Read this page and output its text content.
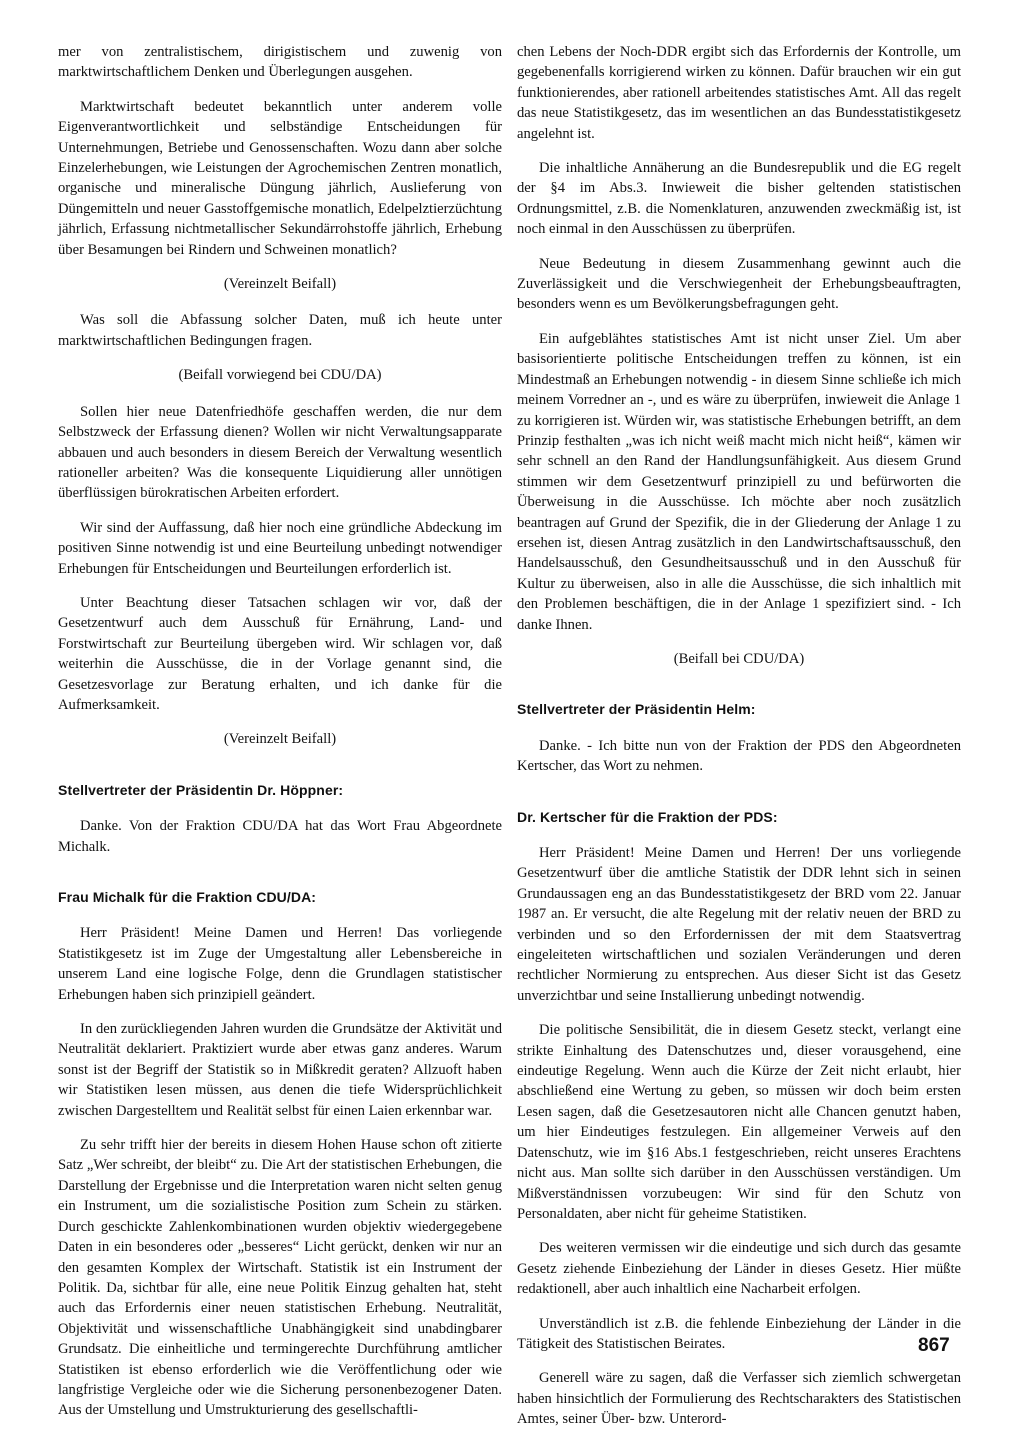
mer von zentralistischem, dirigistischem und zuwenig von marktwirtschaftlichem Denken und Überlegungen ausgehen.

Marktwirtschaft bedeutet bekanntlich unter anderem volle Eigenverantwortlichkeit und selbständige Entscheidungen für Unternehmungen, Betriebe und Genossenschaften. Wozu dann aber solche Einzelerhebungen, wie Leistungen der Agrochemischen Zentren monatlich, organische und mineralische Düngung jährlich, Auslieferung von Düngemitteln und neuer Gasstoffgemische monatlich, Edelpelztierzüchtung jährlich, Erfassung nichtmetallischer Sekundärrohstoffe jährlich, Erhebung über Besamungen bei Rindern und Schweinen monatlich?

(Vereinzelt Beifall)

Was soll die Abfassung solcher Daten, muß ich heute unter marktwirtschaftlichen Bedingungen fragen.

(Beifall vorwiegend bei CDU/DA)

Sollen hier neue Datenfriedhöfe geschaffen werden, die nur dem Selbstzweck der Erfassung dienen? Wollen wir nicht Verwaltungsapparate abbauen und auch besonders in diesem Bereich der Verwaltung wesentlich rationeller arbeiten? Was die konsequente Liquidierung aller unnötigen überflüssigen bürokratischen Arbeiten erfordert.

Wir sind der Auffassung, daß hier noch eine gründliche Abdeckung im positiven Sinne notwendig ist und eine Beurteilung unbedingt notwendiger Erhebungen für Entscheidungen und Beurteilungen erforderlich ist.

Unter Beachtung dieser Tatsachen schlagen wir vor, daß der Gesetzentwurf auch dem Ausschuß für Ernährung, Land- und Forstwirtschaft zur Beurteilung übergeben wird. Wir schlagen vor, daß weiterhin die Ausschüsse, die in der Vorlage genannt sind, die Gesetzesvorlage zur Beratung erhalten, und ich danke für die Aufmerksamkeit.

(Vereinzelt Beifall)

Stellvertreter der Präsidentin Dr. Höppner:

Danke. Von der Fraktion CDU/DA hat das Wort Frau Abgeordnete Michalk.

Frau Michalk für die Fraktion CDU/DA:

Herr Präsident! Meine Damen und Herren! Das vorliegende Statistikgesetz ist im Zuge der Umgestaltung aller Lebensbereiche in unserem Land eine logische Folge, denn die Grundlagen statistischer Erhebungen haben sich prinzipiell geändert.

In den zurückliegenden Jahren wurden die Grundsätze der Aktivität und Neutralität deklariert. Praktiziert wurde aber etwas ganz anderes. Warum sonst ist der Begriff der Statistik so in Mißkredit geraten? Allzuoft haben wir Statistiken lesen müssen, aus denen die tiefe Widersprüchlichkeit zwischen Dargestelltem und Realität selbst für einen Laien erkennbar war.

Zu sehr trifft hier der bereits in diesem Hohen Hause schon oft zitierte Satz „Wer schreibt, der bleibt“ zu. Die Art der statistischen Erhebungen, die Darstellung der Ergebnisse und die Interpretation waren nicht selten genug ein Instrument, um die sozialistische Position zum Schein zu stärken. Durch geschickte Zahlenkombinationen wurden objektiv wiedergegebene Daten in ein besonderes oder „besseres“ Licht gerückt, denken wir nur an den gesamten Komplex der Wirtschaft. Statistik ist ein Instrument der Politik. Da, sichtbar für alle, eine neue Politik Einzug gehalten hat, steht auch das Erfordernis einer neuen statistischen Erhebung. Neutralität, Objektivität und wissenschaftliche Unabhängigkeit sind unabdingbarer Grundsatz. Die einheitliche und termingerechte Durchführung amtlicher Statistiken ist ebenso erforderlich wie die Veröffentlichung oder wie langfristige Vergleiche oder wie die Sicherung personenbezogener Daten. Aus der Umstellung und Umstrukturierung des gesellschaftli-

chen Lebens der Noch-DDR ergibt sich das Erfordernis der Kontrolle, um gegebenenfalls korrigierend wirken zu können. Dafür brauchen wir ein gut funktionierendes, aber rationell arbeitendes statistisches Amt. All das regelt das neue Statistikgesetz, das im wesentlichen an das Bundesstatistikgesetz angelehnt ist.

Die inhaltliche Annäherung an die Bundesrepublik und die EG regelt der §4 im Abs.3. Inwieweit die bisher geltenden statistischen Ordnungsmittel, z.B. die Nomenklaturen, anzuwenden zweckmäßig ist, ist noch einmal in den Ausschüssen zu überprüfen.

Neue Bedeutung in diesem Zusammenhang gewinnt auch die Zuverlässigkeit und die Verschwiegenheit der Erhebungsbeauftragten, besonders wenn es um Bevölkerungsbefragungen geht.

Ein aufgeblähtes statistisches Amt ist nicht unser Ziel. Um aber basisorientierte politische Entscheidungen treffen zu können, ist ein Mindestmaß an Erhebungen notwendig - in diesem Sinne schließe ich mich meinem Vorredner an -, und es wäre zu überprüfen, inwieweit die Anlage 1 zu korrigieren ist. Würden wir, was statistische Erhebungen betrifft, an dem Prinzip festhalten „was ich nicht weiß macht mich nicht heiß“, kämen wir sehr schnell an den Rand der Handlungsunfähigkeit. Aus diesem Grund stimmen wir dem Gesetzentwurf prinzipiell zu und befürworten die Überweisung in die Ausschüsse. Ich möchte aber noch zusätzlich beantragen auf Grund der Spezifik, die in der Gliederung der Anlage 1 zu ersehen ist, diesen Antrag zusätzlich in den Landwirtschaftsausschuß, den Handelsausschuß, den Gesundheitsausschuß und in den Ausschuß für Kultur zu überweisen, also in alle die Ausschüsse, die sich inhaltlich mit den Problemen beschäftigen, die in der Anlage 1 spezifiziert sind. - Ich danke Ihnen.

(Beifall bei CDU/DA)

Stellvertreter der Präsidentin Helm:

Danke. - Ich bitte nun von der Fraktion der PDS den Abgeordneten Kertscher, das Wort zu nehmen.

Dr. Kertscher für die Fraktion der PDS:

Herr Präsident! Meine Damen und Herren! Der uns vorliegende Gesetzentwurf über die amtliche Statistik der DDR lehnt sich in seinen Grundaussagen eng an das Bundesstatistikgesetz der BRD vom 22. Januar 1987 an. Er versucht, die alte Regelung mit der relativ neuen der BRD zu verbinden und so den Erfordernissen der mit dem Staatsvertrag eingeleiteten wirtschaftlichen und sozialen Veränderungen und deren rechtlicher Normierung zu entsprechen. Aus dieser Sicht ist das Gesetz unverzichtbar und seine Installierung unbedingt notwendig.

Die politische Sensibilität, die in diesem Gesetz steckt, verlangt eine strikte Einhaltung des Datenschutzes und, dieser vorausgehend, eine eindeutige Regelung. Wenn auch die Kürze der Zeit nicht erlaubt, hier abschließend eine Wertung zu geben, so müssen wir doch beim ersten Lesen sagen, daß die Gesetzesautoren nicht alle Chancen genutzt haben, um hier Eindeutiges festzulegen. Ein allgemeiner Verweis auf den Datenschutz, wie im §16 Abs.1 festgeschrieben, reicht unseres Erachtens nicht aus. Man sollte sich darüber in den Ausschüssen verständigen. Um Mißverständnissen vorzubeugen: Wir sind für den Schutz von Personaldaten, aber nicht für geheime Statistiken.

Des weiteren vermissen wir die eindeutige und sich durch das gesamte Gesetz ziehende Einbeziehung der Länder in dieses Gesetz. Hier müßte redaktionell, aber auch inhaltlich eine Nacharbeit erfolgen.

Unverständlich ist z.B. die fehlende Einbeziehung der Länder in die Tätigkeit des Statistischen Beirates.

Generell wäre zu sagen, daß die Verfasser sich ziemlich schwergetan haben hinsichtlich der Formulierung des Rechtscharakters des Statistischen Amtes, seiner Über- bzw. Unterord-

867
